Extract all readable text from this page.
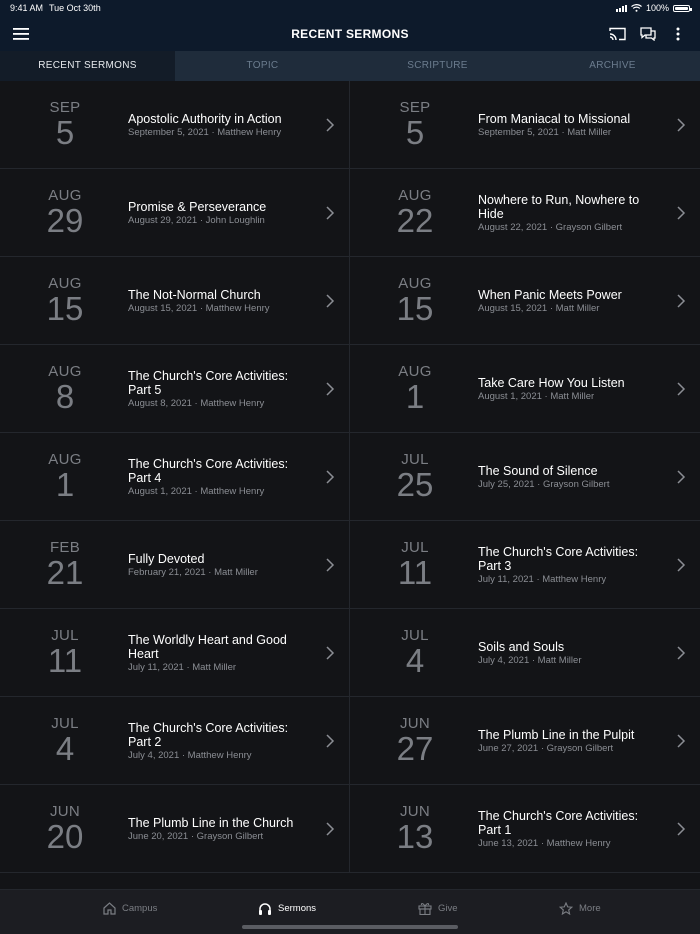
9:41 AM Tue Oct 30th	100%
RECENT SERMONS
RECENT SERMONS	TOPIC	SCRIPTURE	ARCHIVE
SEP
5	Apostolic Authority in Action
September 5, 2021 · Matthew Henry
SEP
5	From Maniacal to Missional
September 5, 2021 · Matt Miller
AUG
29	Promise & Perseverance
August 29, 2021 · John Loughlin
AUG
22
Nowhere to Run, Nowhere to Hide
August 22, 2021 · Grayson Gilbert
AUG
15	The Not-Normal Church
August 15, 2021 · Matthew Henry
AUG
15	When Panic Meets Power
August 15, 2021 · Matt Miller
AUG
8
The Church's Core Activities: Part 5
August 8, 2021 · Matthew Henry
AUG
1	Take Care How You Listen
August 1, 2021 · Matt Miller
AUG
1
The Church's Core Activities: Part 4
August 1, 2021 · Matthew Henry
JUL
25	The Sound of Silence
July 25, 2021 · Grayson Gilbert
FEB
21	Fully Devoted
February 21, 2021 · Matt Miller
JUL
11
The Church's Core Activities: Part 3
July 11, 2021 · Matthew Henry
JUL
11
The Worldly Heart and Good Heart
July 11, 2021 · Matt Miller
JUL
4	Soils and Souls
July 4, 2021 · Matt Miller
JUL
4
The Church's Core Activities: Part 2
July 4, 2021 · Matthew Henry
JUN
27	The Plumb Line in the Pulpit
June 27, 2021 · Grayson Gilbert
JUN
20	The Plumb Line in the Church
June 20, 2021 · Grayson Gilbert
JUN
13
The Church's Core Activities: Part 1
June 13, 2021 · Matthew Henry
Campus	Sermons	Give	More
